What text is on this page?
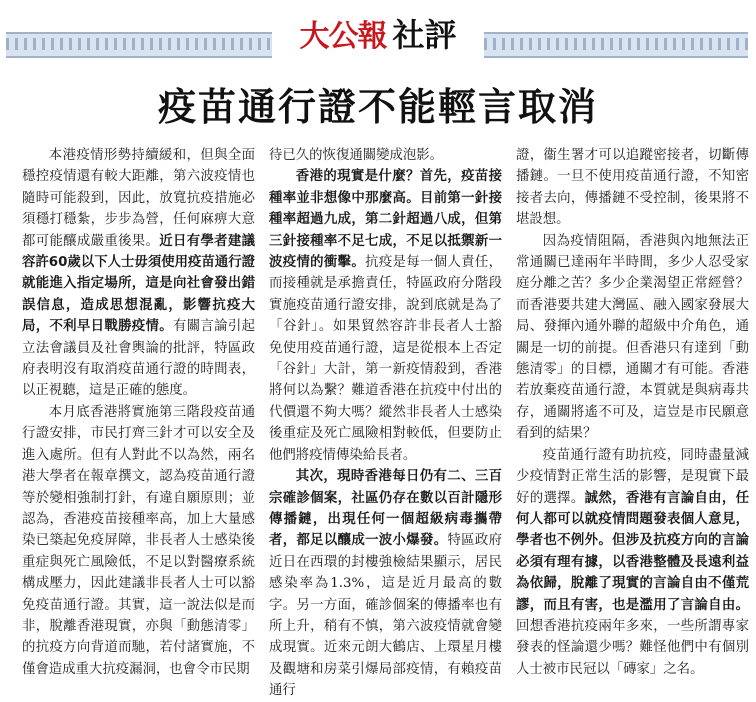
大公報 社評
疫苗通行證不能輕言取消

本港疫情形勢持續緩和，但與全面穩控疫情還有較大距離，第六波疫情也隨時可能殺到，因此，放寬抗疫措施必須穩打穩紮，步步為營，任何麻痹大意都可能釀成嚴重後果。近日有學者建議容許60歲以下人士毋須使用疫苗通行證就能進入指定場所，這是向社會發出錯誤信息，造成思想混亂，影響抗疫大局，不利早日戰勝疫情。有關言論引起立法會議員及社會輿論的批評，特區政府表明沒有取消疫苗通行證的時間表，以正視聽，這是正確的態度。

本月底香港將實施第三階段疫苗通行證安排，市民打齊三針才可以安全及進入處所。但有人對此不以為然，兩名港大學者在報章撰文，認為疫苗通行證等於變相強制打針，有違自願原則；並認為，香港疫苗接種率高，加上大量感染已築起免疫屏障，非長者人士感染後重症與死亡風險低，不足以對醫療系統構成壓力，因此建議非長者人士可以豁免疫苗通行證。其實，這一說法似是而非，脫離香港現實，亦與「動態清零」的抗疫方向背道而馳，若付諸實施，不僅會造成重大抗疫漏洞，也會令市民期

待已久的恢復通關變成泡影。

香港的現實是什麼？首先，疫苗接種率並非想像中那麼高。目前第一針接種率超過九成，第二針超過八成，但第三針接種率不足七成，不足以抵禦新一波疫情的衝擊。抗疫是每一個人責任，而接種就是承擔責任，特區政府分階段實施疫苗通行證安排，說到底就是為了「谷針」。如果貿然容許非長者人士豁免使用疫苗通行證，這是從根本上否定「谷針」大計，第一新疫情殺到，香港將何以為繫？難道香港在抗疫中付出的代價還不夠大嗎？縱然非長者人士感染後重症及死亡風險相對較低，但要防止他們將疫情傳染給長者。

其次，現時香港每日仍有二、三百宗確診個案，社區仍存在數以百計隱形傳播鏈，出現任何一個超級病毒攜帶者，都足以釀成一波小爆發。特區政府近日在西環的封樓強檢結果顯示，居民感染率為1.3%，這是近月最高的數字。另一方面，確診個案的傳播率也有所上升，稍有不慎，第六波疫情就會變成現實。近來元朗大鶴店、上環星月樓及觀塘和房菜引爆局部疫情，有賴疫苗通行

證，衞生署才可以追蹤密接者，切斷傳播鏈。一旦不使用疫苗通行證，不知密接者去向，傳播鏈不受控制，後果將不堪設想。

因為疫情阻隔，香港與內地無法正常通關已達兩年半時間，多少人忍受家庭分離之苦？多少企業渴望正常經營？而香港要共建大灣區、融入國家發展大局、發揮內通外聯的超級中介角色，通關是一切的前提。但香港只有達到「動態清零」的目標，通關才有可能。香港若放棄疫苗通行證，本質就是與病毒共存，通關將遙不可及，這豈是市民願意看到的結果？

疫苗通行證有助抗疫，同時盡量減少疫情對正常生活的影響，是現實下最好的選擇。誠然，香港有言論自由，任何人都可以就疫情問題發表個人意見，學者也不例外。但涉及抗疫方向的言論必須有理有據，以香港整體及長遠利益為依歸，脫離了現實的言論自由不僅荒謬，而且有害，也是濫用了言論自由。回想香港抗疫兩年多來，一些所謂專家發表的怪論還少嗎？難怪他們中有個別人士被市民冠以「磚家」之名。
